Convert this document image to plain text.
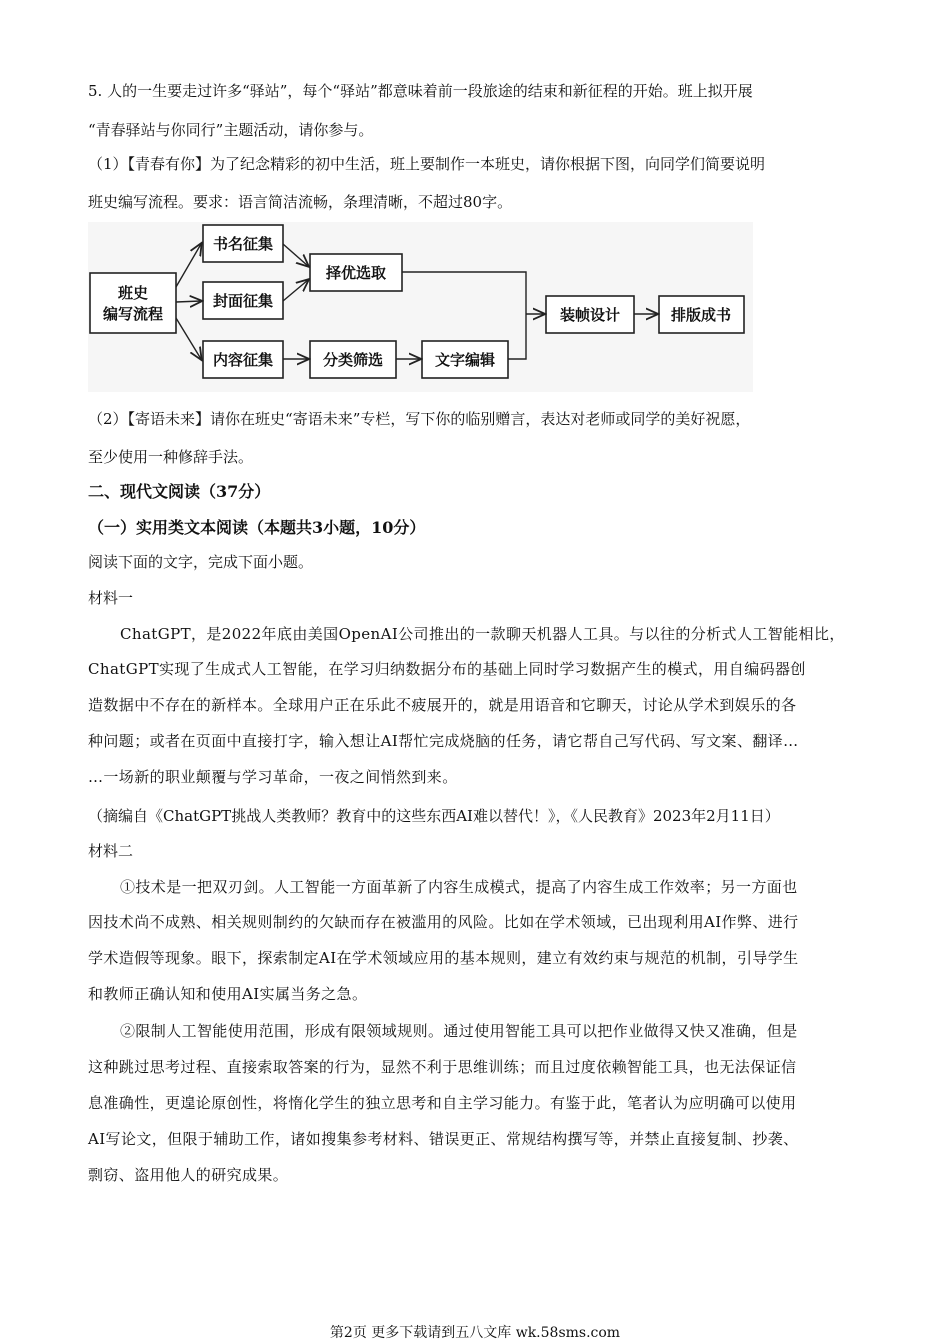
5. 人的一生要走过许多“驿站”，每个“驿站”都意味着前一段旅途的结束和新征程的开始。班上拟开展
“青春驿站与你同行”主题活动，请你参与。
（1）【青春有你】为了纪念精彩的初中生活，班上要制作一本班史，请你根据下图，向同学们简要说明
班史编写流程。要求：语言简洁流畅，条理清晰，不超过80字。
班史
编写流程
书名征集
封面征集
内容征集
择优选取
分类筛选	文字编辑
装帧设计	排版成书
（2）【寄语未来】请你在班史“寄语未来”专栏，写下你的临别赠言，表达对老师或同学的美好祝愿，
至少使用一种修辞手法。
二、现代文阅读（37分）
（一）实用类文本阅读（本题共3小题，10分）
阅读下面的文字，完成下面小题。
材料一
ChatGPT，是2022年底由美国OpenAI公司推出的一款聊天机器人工具。与以往的分析式人工智能相比，
ChatGPT实现了生成式人工智能，在学习归纳数据分布的基础上同时学习数据产生的模式，用自编码器创
造数据中不存在的新样本。全球用户正在乐此不疲展开的，就是用语音和它聊天，讨论从学术到娱乐的各
种问题；或者在页面中直接打字，输入想让AI帮忙完成烧脑的任务，请它帮自己写代码、写文案、翻译…
…一场新的职业颠覆与学习革命，一夜之间悄然到来。
（摘编自《ChatGPT挑战人类教师？教育中的这些东西AI难以替代！》，《人民教育》2023年2月11日）
材料二
①技术是一把双刃剑。人工智能一方面革新了内容生成模式，提高了内容生成工作效率；另一方面也
因技术尚不成熟、相关规则制约的欠缺而存在被滥用的风险。比如在学术领域，已出现利用AI作弊、进行
学术造假等现象。眼下，探索制定AI在学术领域应用的基本规则，建立有效约束与规范的机制，引导学生
和教师正确认知和使用AI实属当务之急。
②限制人工智能使用范围，形成有限领域规则。通过使用智能工具可以把作业做得又快又准确，但是
这种跳过思考过程、直接索取答案的行为，显然不利于思维训练；而且过度依赖智能工具，也无法保证信
息准确性，更遑论原创性，将惰化学生的独立思考和自主学习能力。有鉴于此，笔者认为应明确可以使用
AI写论文，但限于辅助工作，诸如搜集参考材料、错误更正、常规结构撰写等，并禁止直接复制、抄袭、
剽窃、盗用他人的研究成果。
第2页 更多下载请到五八文库 wk.58sms.com
